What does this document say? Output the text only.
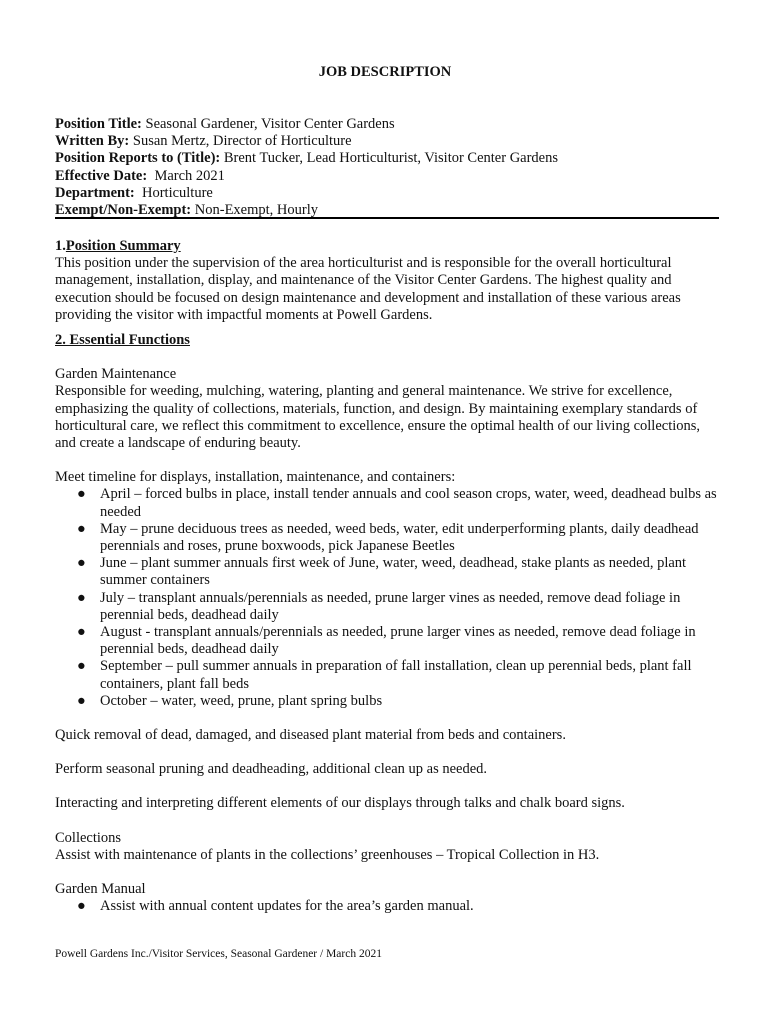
JOB DESCRIPTION
Position Title: Seasonal Gardener, Visitor Center Gardens
Written By: Susan Mertz, Director of Horticulture
Position Reports to (Title): Brent Tucker, Lead Horticulturist, Visitor Center Gardens
Effective Date:  March 2021
Department:  Horticulture
Exempt/Non-Exempt: Non-Exempt, Hourly

1.Position Summary

This position under the supervision of the area horticulturist and is responsible for the overall horticultural management, installation, display, and maintenance of the Visitor Center Gardens. The highest quality and execution should be focused on design maintenance and development and installation of these various areas providing the visitor with impactful moments at Powell Gardens.

2. Essential Functions

Garden Maintenance

Responsible for weeding, mulching, watering, planting and general maintenance. We strive for excellence, emphasizing the quality of collections, materials, function, and design. By maintaining exemplary standards of horticultural care, we reflect this commitment to excellence, ensure the optimal health of our living collections, and create a landscape of enduring beauty.

Meet timeline for displays, installation, maintenance, and containers:

● April – forced bulbs in place, install tender annuals and cool season crops, water, weed, deadhead bulbs as needed
● May – prune deciduous trees as needed, weed beds, water, edit underperforming plants, daily deadhead perennials and roses, prune boxwoods, pick Japanese Beetles
● June – plant summer annuals first week of June, water, weed, deadhead, stake plants as needed, plant summer containers
● July – transplant annuals/perennials as needed, prune larger vines as needed, remove dead foliage in perennial beds, deadhead daily
● August - transplant annuals/perennials as needed, prune larger vines as needed, remove dead foliage in perennial beds, deadhead daily
● September – pull summer annuals in preparation of fall installation, clean up perennial beds, plant fall containers, plant fall beds
● October – water, weed, prune, plant spring bulbs

Quick removal of dead, damaged, and diseased plant material from beds and containers.

Perform seasonal pruning and deadheading, additional clean up as needed.

Interacting and interpreting different elements of our displays through talks and chalk board signs.

Collections

Assist with maintenance of plants in the collections’ greenhouses – Tropical Collection in H3.

Garden Manual

● Assist with annual content updates for the area’s garden manual.
Powell Gardens Inc./Visitor Services, Seasonal Gardener / March 2021
